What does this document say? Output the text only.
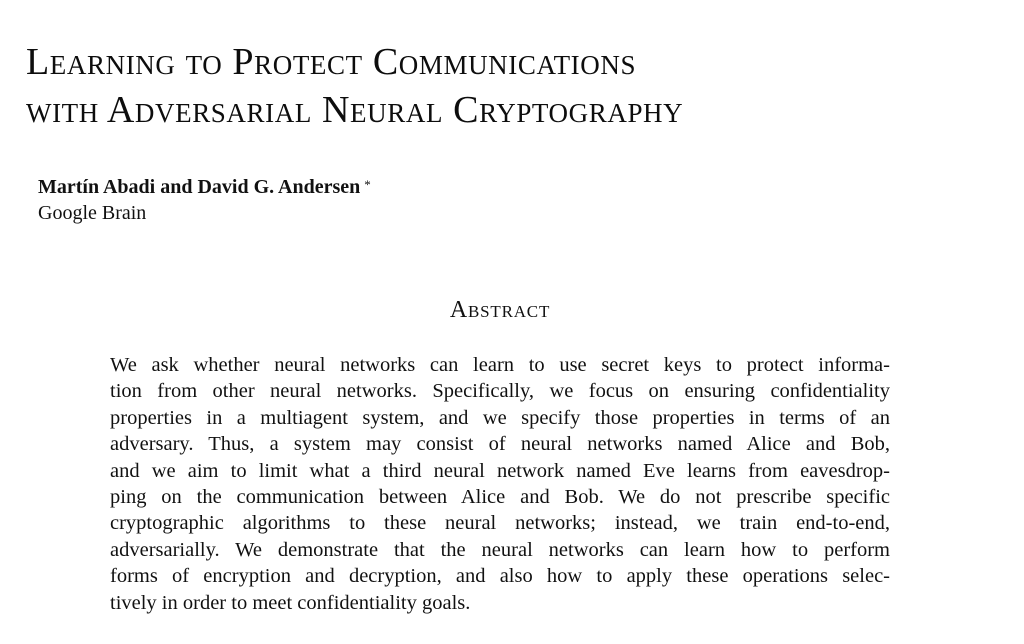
Learning to Protect Communications
with Adversarial Neural Cryptography
Martín Abadi and David G. Andersen *
Google Brain
Abstract
We ask whether neural networks can learn to use secret keys to protect informa-
tion from other neural networks. Specifically, we focus on ensuring confidentiality
properties in a multiagent system, and we specify those properties in terms of an
adversary. Thus, a system may consist of neural networks named Alice and Bob,
and we aim to limit what a third neural network named Eve learns from eavesdrop-
ping on the communication between Alice and Bob. We do not prescribe specific
cryptographic algorithms to these neural networks; instead, we train end-to-end,
adversarially. We demonstrate that the neural networks can learn how to perform
forms of encryption and decryption, and also how to apply these operations selec-
tively in order to meet confidentiality goals.
